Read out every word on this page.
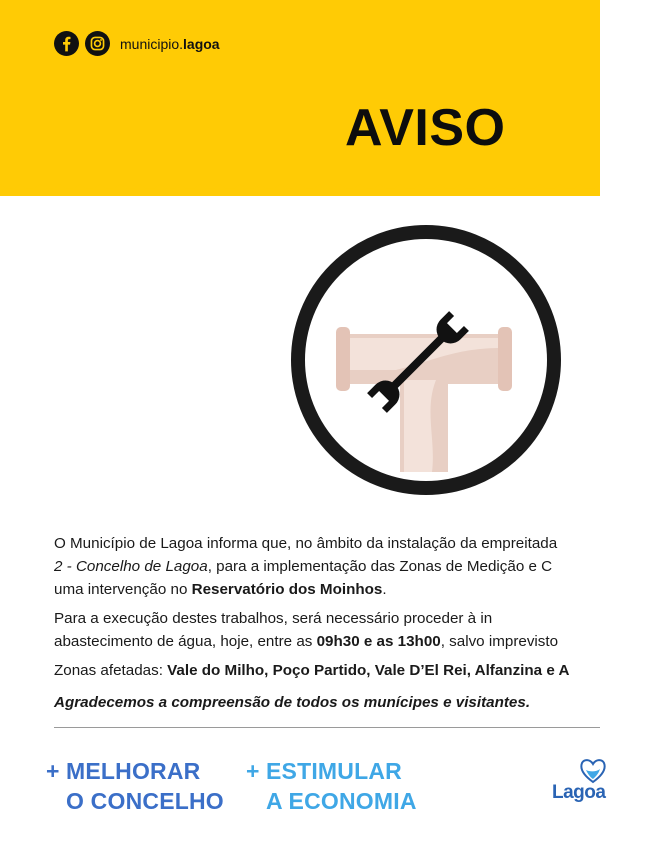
municipio.lagoa
AVISO

O Município de Lagoa informa que, no âmbito da instalação da empreitada

2 - Concelho de Lagoa, para a implementação das Zonas de Medição e C

uma intervenção no Reservatório dos Moinhos.

Para a execução destes trabalhos, será necessário proceder à in

abastecimento de água, hoje, entre as 09h30 e as 13h00, salvo imprevisto

Zonas afetadas: Vale do Milho, Poço Partido, Vale D’El Rei, Alfanzina e A

Agradecemos a compreensão de todos os munícipes e visitantes.

+ MELHORAR
O CONCELHO
+ ESTIMULAR
A ECONOMIA	Lagoa
